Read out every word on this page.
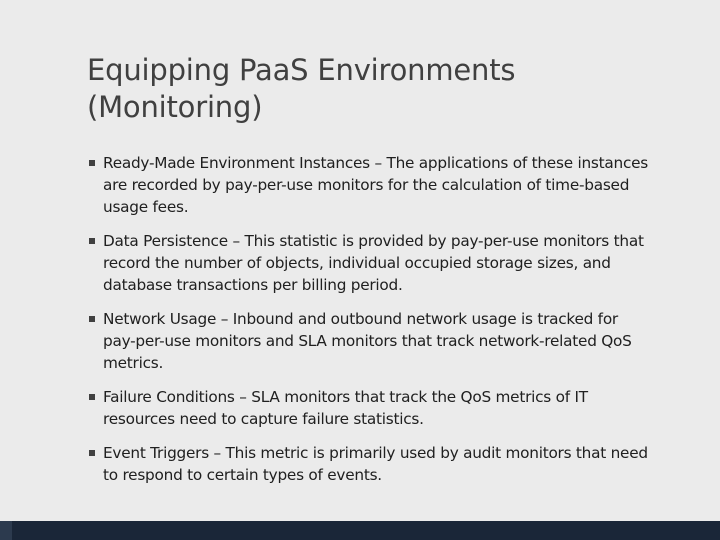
Equipping PaaS Environments
(Monitoring)
Ready-Made Environment Instances – The applications of these instances are recorded by pay-per-use monitors for the calculation of time-based usage fees.
Data Persistence – This statistic is provided by pay-per-use monitors that record the number of objects, individual occupied storage sizes, and database transactions per billing period.
Network Usage – Inbound and outbound network usage is tracked for pay-per-use monitors and SLA monitors that track network-related QoS metrics.
Failure Conditions – SLA monitors that track the QoS metrics of IT resources need to capture failure statistics.
Event Triggers – This metric is primarily used by audit monitors that need to respond to certain types of events.
